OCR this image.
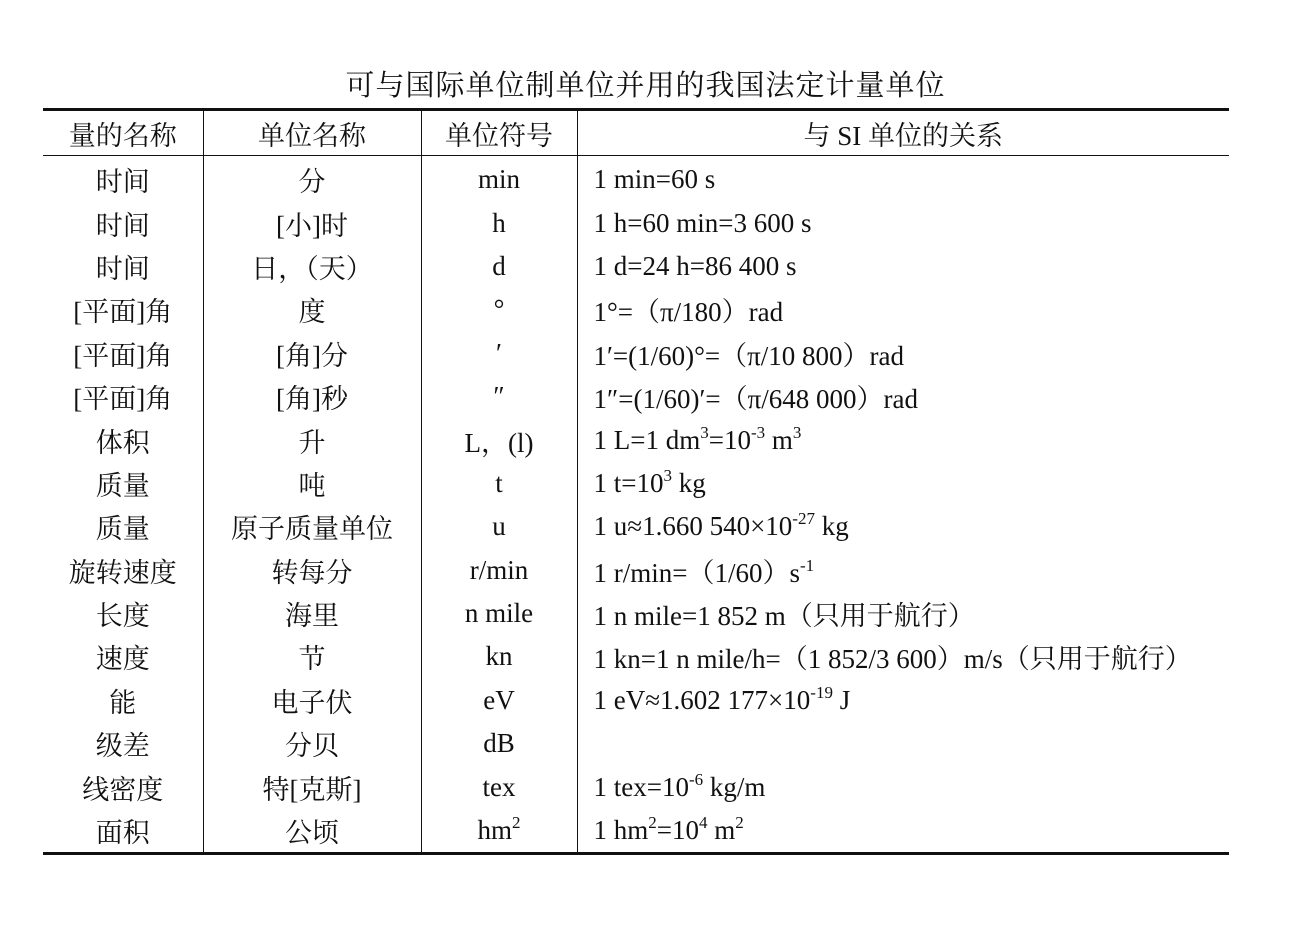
可与国际单位制单位并用的我国法定计量单位
量的名称	单位名称	单位符号	与 SI 单位的关系
时间	分	min	1 min=60 s
时间	[小]时	h	1 h=60 min=3 600 s
时间	日，（天）	d	1 d=24 h=86 400 s
[平面]角	度	°	1°=（π/180）rad
[平面]角	[角]分	′	1′=(1/60)°=（π/10 800）rad
[平面]角	[角]秒	″	1″=(1/60)′=（π/648 000）rad
体积	升	L，(l)	1 L=1 $dm^3=10^{-3}$ $m^3$
质量	吨	t	1 $t=10^3$ kg
质量	原子质量单位	u	1 u≈1.660 $540\times 10^{-27}$ kg
旋转速度	转每分	r/min	1 $r/\min=(1/60)s^{-1}$
长度	海里	n mile	1 n mile=1 852 m（只用于航行）
速度	节	kn	1 kn=1 n mile/h=（1 852/3 600）m/s（只用于航行）
能	电子伏	eV	1 eV≈1.602 $177\times 10^{-19}$ J
级差	分贝	dB	
线密度	特[克斯]	tex	1 $tex=10^{-6}$ kg/m
面积	公顷	$hm^2$	1 $hm^2=10^4$ $m^2$
